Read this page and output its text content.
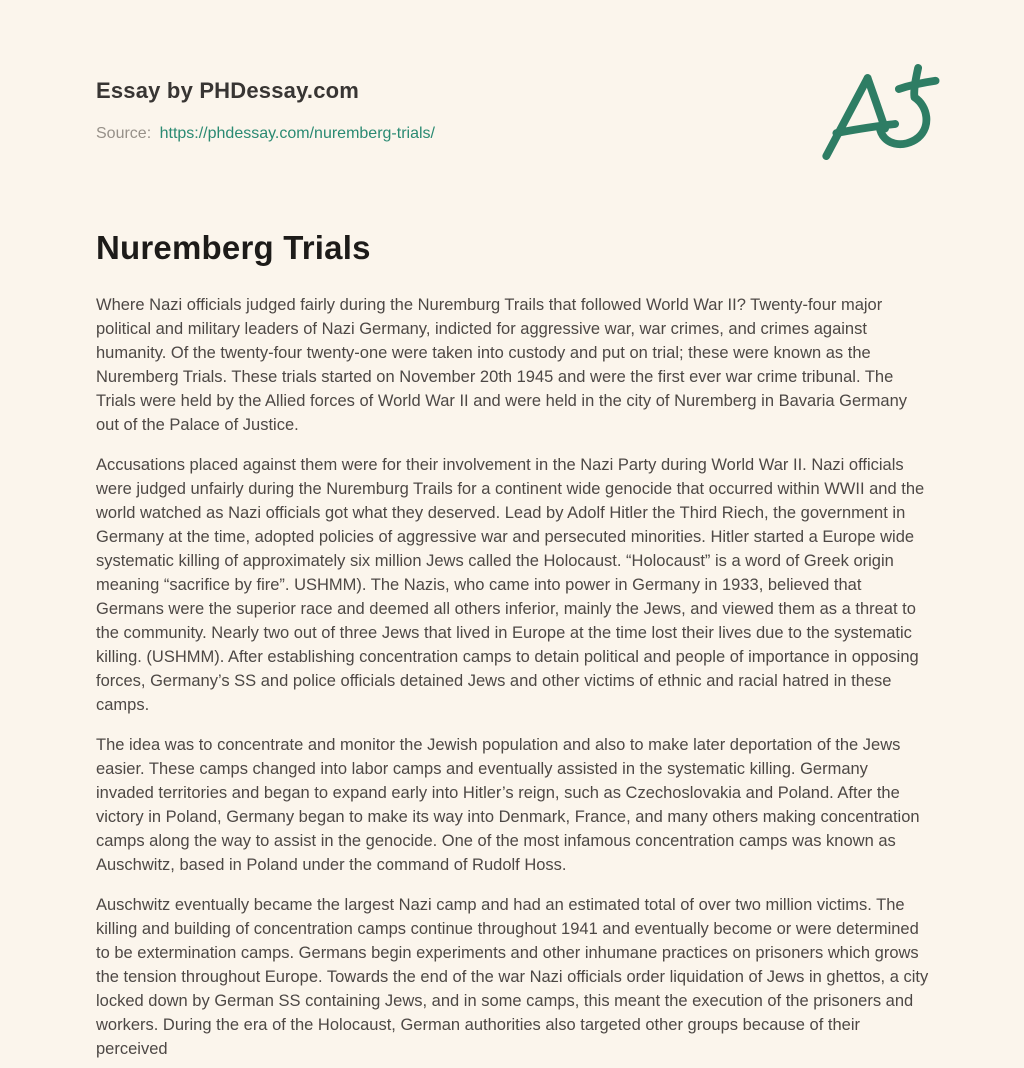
Essay by PHDessay.com

Source: https://phdessay.com/nuremberg-trials/

Nuremberg Trials

Where Nazi officials judged fairly during the Nuremburg Trails that followed World War II? Twenty-four major political and military leaders of Nazi Germany, indicted for aggressive war, war crimes, and crimes against humanity. Of the twenty-four twenty-one were taken into custody and put on trial; these were known as the Nuremberg Trials. These trials started on November 20th 1945 and were the first ever war crime tribunal. The Trials were held by the Allied forces of World War II and were held in the city of Nuremberg in Bavaria Germany out of the Palace of Justice.

Accusations placed against them were for their involvement in the Nazi Party during World War II. Nazi officials were judged unfairly during the Nuremburg Trails for a continent wide genocide that occurred within WWII and the world watched as Nazi officials got what they deserved. Lead by Adolf Hitler the Third Riech, the government in Germany at the time, adopted policies of aggressive war and persecuted minorities. Hitler started a Europe wide systematic killing of approximately six million Jews called the Holocaust. “Holocaust” is a word of Greek origin meaning “sacrifice by fire”. USHMM). The Nazis, who came into power in Germany in 1933, believed that Germans were the superior race and deemed all others inferior, mainly the Jews, and viewed them as a threat to the community. Nearly two out of three Jews that lived in Europe at the time lost their lives due to the systematic killing. (USHMM). After establishing concentration camps to detain political and people of importance in opposing forces, Germany’s SS and police officials detained Jews and other victims of ethnic and racial hatred in these camps.

The idea was to concentrate and monitor the Jewish population and also to make later deportation of the Jews easier. These camps changed into labor camps and eventually assisted in the systematic killing. Germany invaded territories and began to expand early into Hitler’s reign, such as Czechoslovakia and Poland. After the victory in Poland, Germany began to make its way into Denmark, France, and many others making concentration camps along the way to assist in the genocide. One of the most infamous concentration camps was known as Auschwitz, based in Poland under the command of Rudolf Hoss.

Auschwitz eventually became the largest Nazi camp and had an estimated total of over two million victims. The killing and building of concentration camps continue throughout 1941 and eventually become or were determined to be extermination camps. Germans begin experiments and other inhumane practices on prisoners which grows the tension throughout Europe. Towards the end of the war Nazi officials order liquidation of Jews in ghettos, a city locked down by German SS containing Jews, and in some camps, this meant the execution of the prisoners and workers. During the era of the Holocaust, German authorities also targeted other groups because of their perceived
